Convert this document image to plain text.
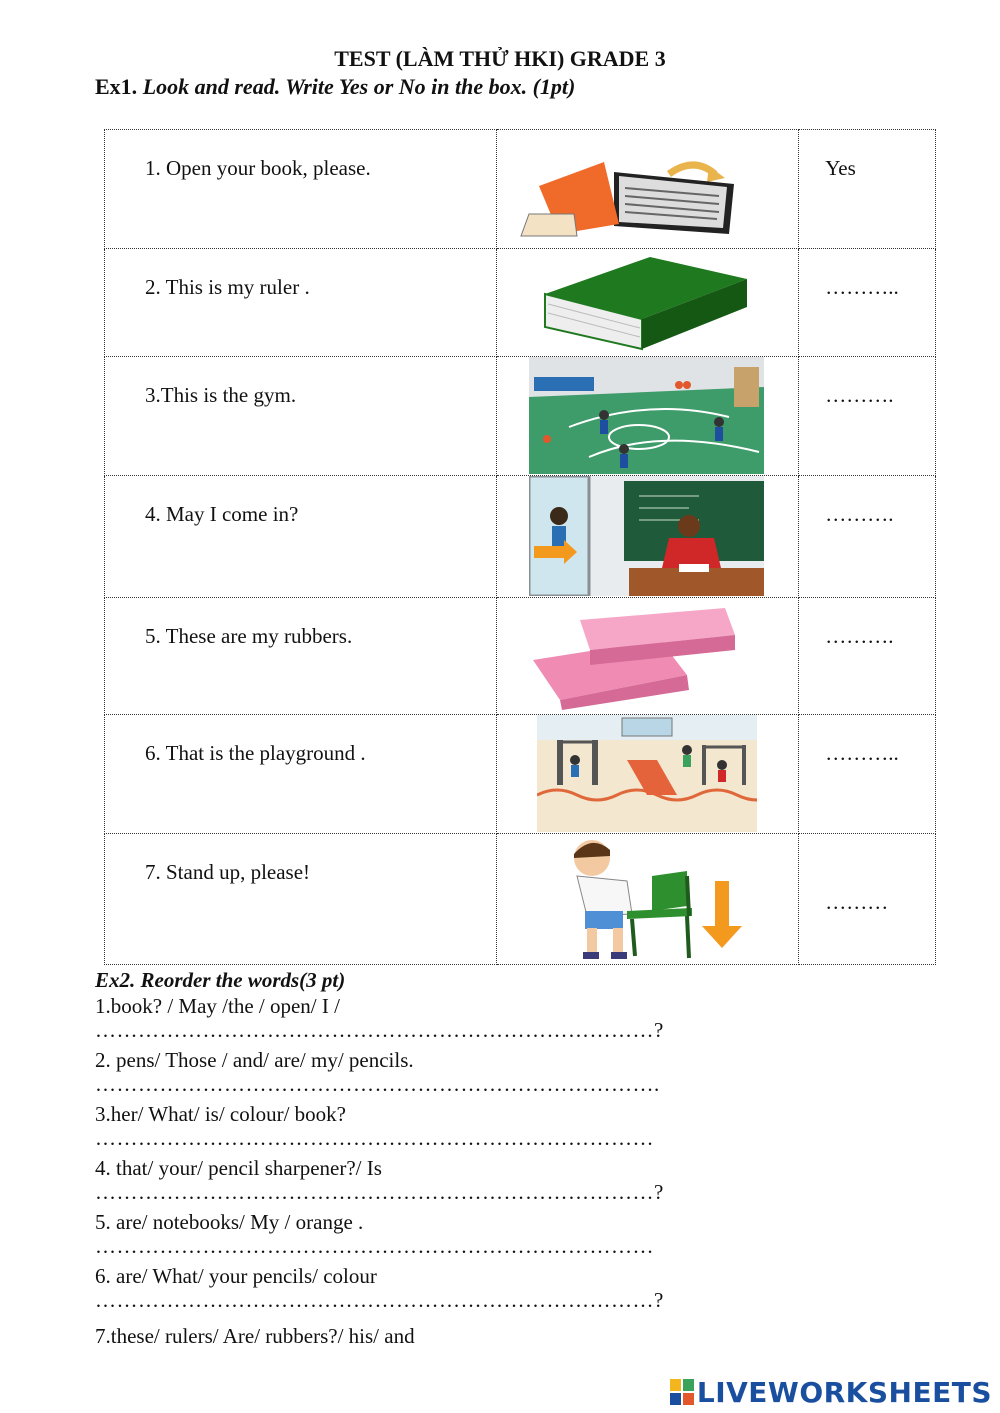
TEST (LÀM THỬ HKI) GRADE 3
Ex1. Look and read. Write Yes or No in the box. (1pt)
1. Open your book, please.		Yes

2. This is my ruler .		………..

3.This is the gym.		……….

4. May I come in?		……….

5. These are my rubbers.		……….

6. That is the playground .		………..

7. Stand up, please!		………
Ex2. Reorder the words(3 pt)
1.book? / May /the / open/ I /
……………………………………………………………………?
2. pens/ Those / and/ are/ my/ pencils.
…………………………………………………………………….
3.her/ What/ is/ colour/ book?
……………………………………………………………………
4. that/ your/ pencil sharpener?/ Is
……………………………………………………………………?
5. are/ notebooks/ My / orange .
……………………………………………………………………
6. are/ What/ your pencils/ colour
……………………………………………………………………?
7.these/ rulers/ Are/ rubbers?/ his/ and
LIVEWORKSHEETS
